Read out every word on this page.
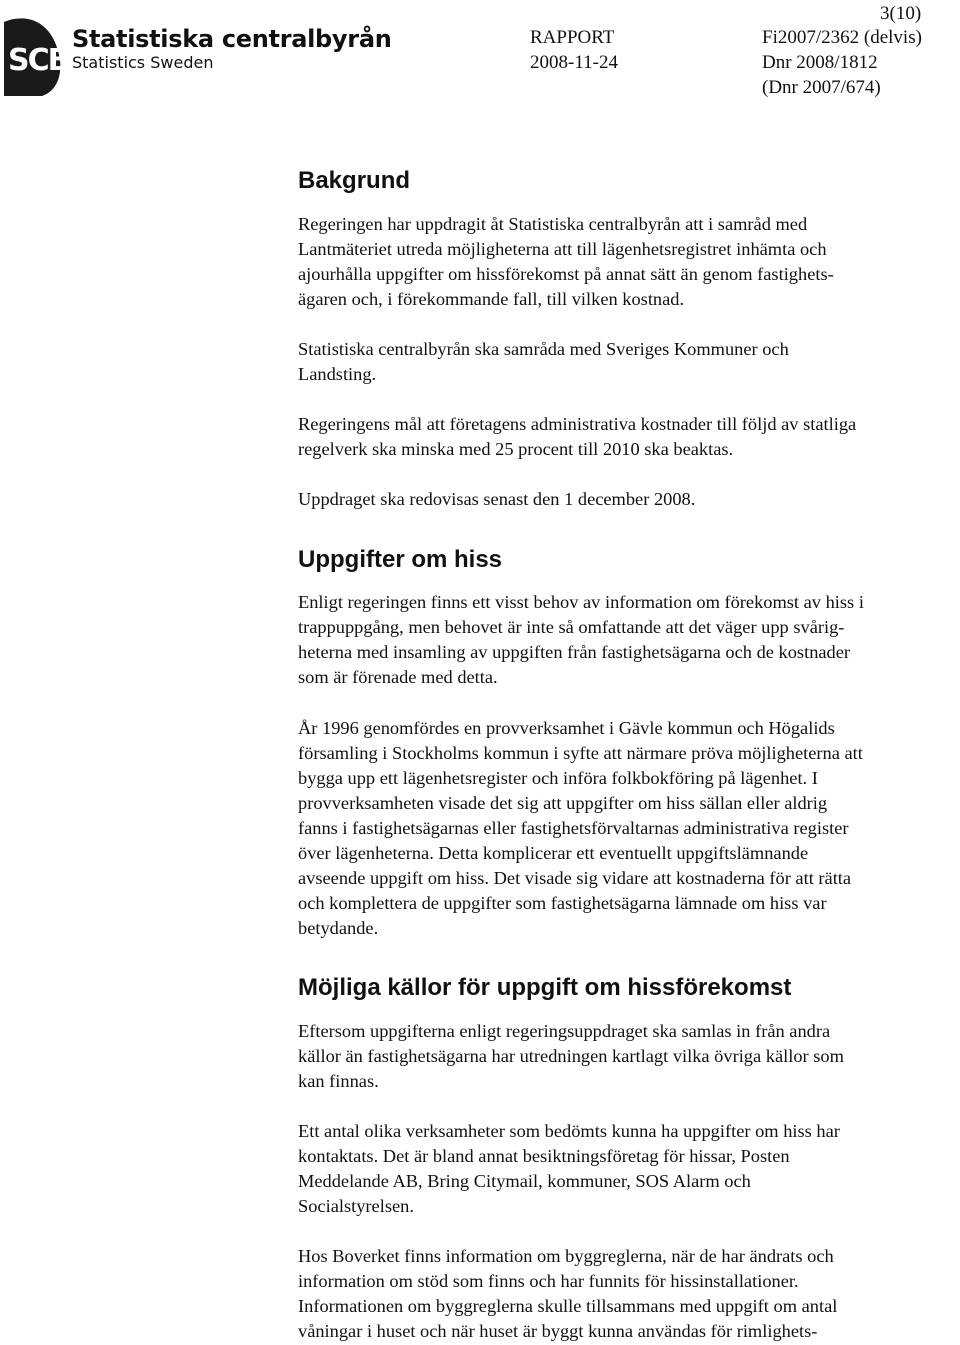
SCB
Statistiska centralbyrån
Statistics Sweden
3(10)
RAPPORT
2008-11-24
Fi2007/2362 (delvis)
Dnr 2008/1812
(Dnr 2007/674)
Bakgrund

Regeringen har uppdragit åt Statistiska centralbyrån att i samråd med
Lantmäteriet utreda möjligheterna att till lägenhetsregistret inhämta och
ajourhålla uppgifter om hissförekomst på annat sätt än genom fastighets-
ägaren och, i förekommande fall, till vilken kostnad.

Statistiska centralbyrån ska samråda med Sveriges Kommuner och
Landsting.

Regeringens mål att företagens administrativa kostnader till följd av statliga
regelverk ska minska med 25 procent till 2010 ska beaktas.

Uppdraget ska redovisas senast den 1 december 2008.

Uppgifter om hiss

Enligt regeringen finns ett visst behov av information om förekomst av hiss i
trappuppgång, men behovet är inte så omfattande att det väger upp svårig-
heterna med insamling av uppgiften från fastighetsägarna och de kostnader
som är förenade med detta.

År 1996 genomfördes en provverksamhet i Gävle kommun och Högalids
församling i Stockholms kommun i syfte att närmare pröva möjligheterna att
bygga upp ett lägenhetsregister och införa folkbokföring på lägenhet. I
provverksamheten visade det sig att uppgifter om hiss sällan eller aldrig
fanns i fastighetsägarnas eller fastighetsförvaltarnas administrativa register
över lägenheterna. Detta komplicerar ett eventuellt uppgiftslämnande
avseende uppgift om hiss. Det visade sig vidare att kostnaderna för att rätta
och komplettera de uppgifter som fastighetsägarna lämnade om hiss var
betydande.

Möjliga källor för uppgift om hissförekomst

Eftersom uppgifterna enligt regeringsuppdraget ska samlas in från andra
källor än fastighetsägarna har utredningen kartlagt vilka övriga källor som
kan finnas.

Ett antal olika verksamheter som bedömts kunna ha uppgifter om hiss har
kontaktats. Det är bland annat besiktningsföretag för hissar, Posten
Meddelande AB, Bring Citymail, kommuner, SOS Alarm och
Socialstyrelsen.

Hos Boverket finns information om byggreglerna, när de har ändrats och
information om stöd som finns och har funnits för hissinstallationer.
Informationen om byggreglerna skulle tillsammans med uppgift om antal
våningar i huset och när huset är byggt kunna användas för rimlighets-
